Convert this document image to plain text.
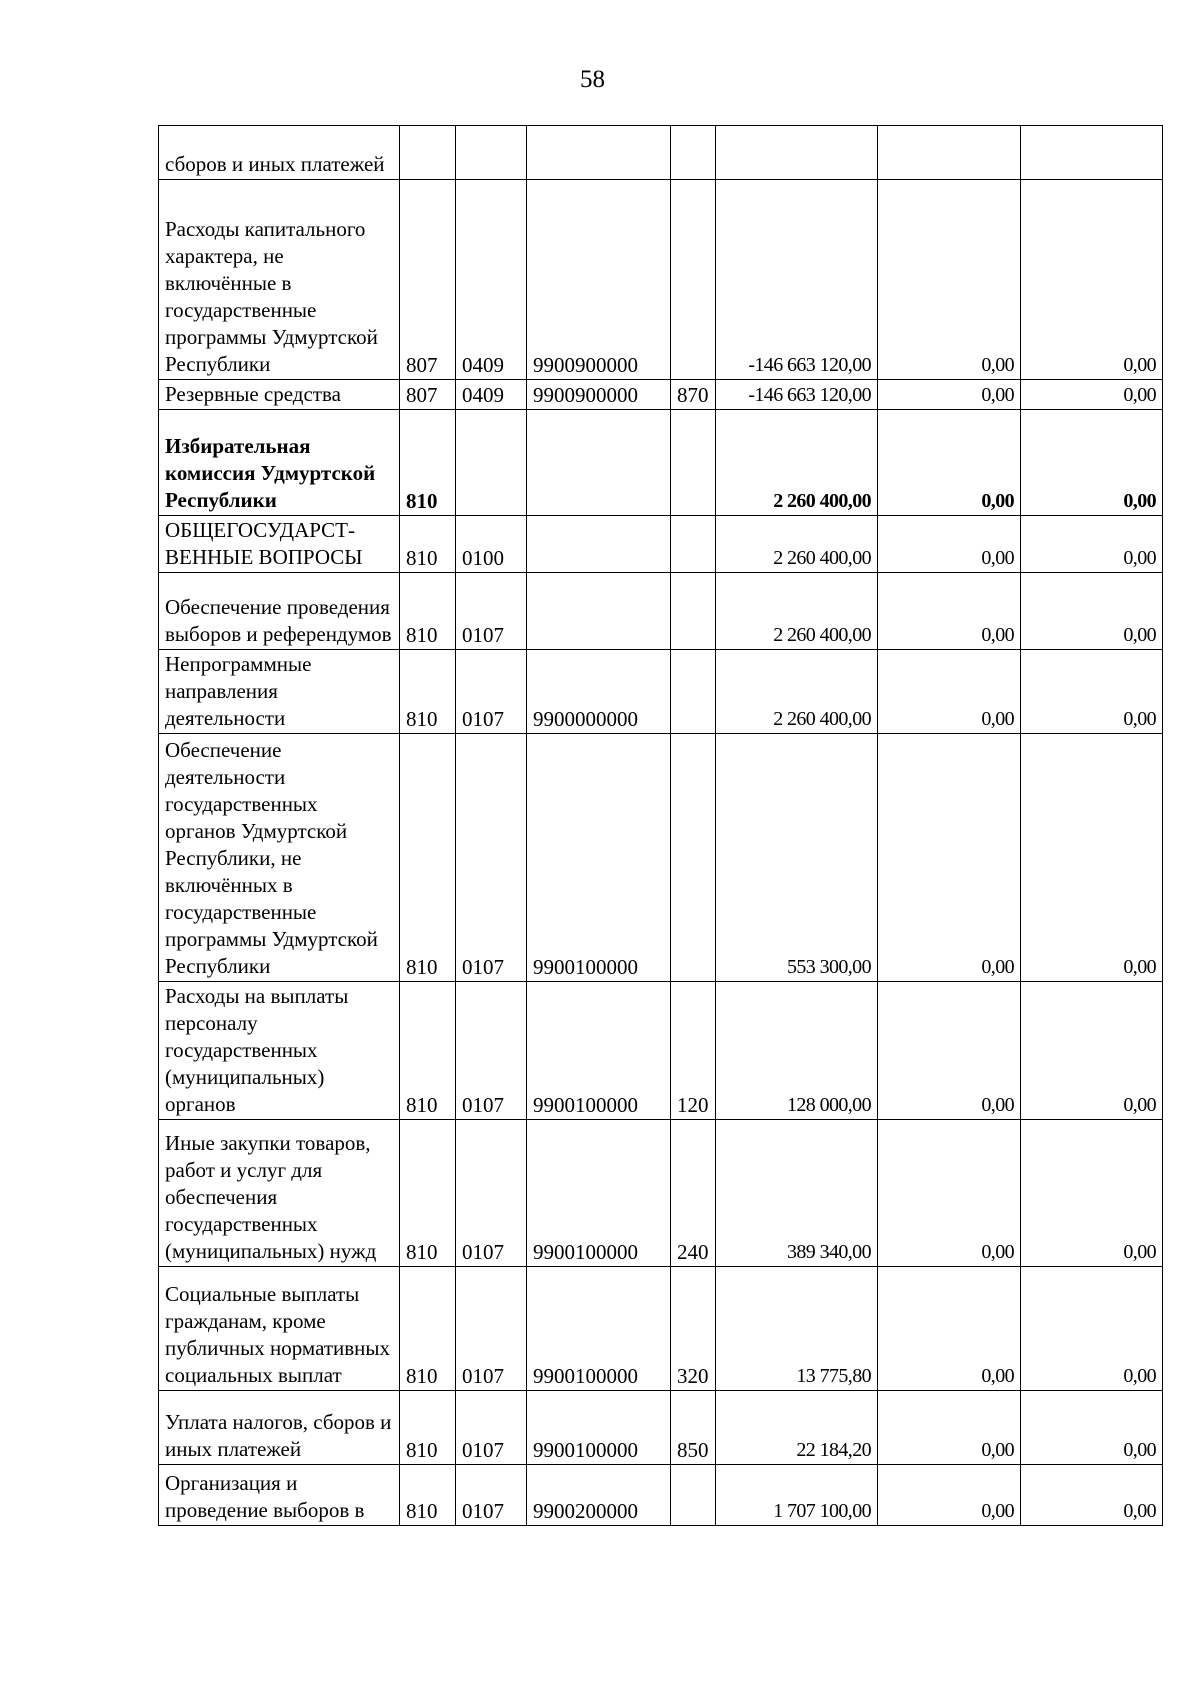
58
сборов и иных платежей							
Расходы капитального характера, не включённые в государственные программы Удмуртской Республики	807	0409	9900900000		-146 663 120,00	0,00	0,00
Резервные средства	807	0409	9900900000	870	-146 663 120,00	0,00	0,00
Избирательная комиссия Удмуртской Республики	810				2 260 400,00	0,00	0,00
ОБЩЕГОСУДАРСТ-ВЕННЫЕ ВОПРОСЫ	810	0100			2 260 400,00	0,00	0,00
Обеспечение проведения выборов и референдумов	810	0107			2 260 400,00	0,00	0,00
Непрограммные направления деятельности	810	0107	9900000000		2 260 400,00	0,00	0,00
Обеспечение деятельности государственных органов Удмуртской Республики, не включённых в государственные программы Удмуртской Республики	810	0107	9900100000		553 300,00	0,00	0,00
Расходы на выплаты персоналу государственных (муниципальных) органов	810	0107	9900100000	120	128 000,00	0,00	0,00
Иные закупки товаров, работ и услуг для обеспечения государственных (муниципальных) нужд	810	0107	9900100000	240	389 340,00	0,00	0,00
Социальные выплаты гражданам, кроме публичных нормативных социальных выплат	810	0107	9900100000	320	13 775,80	0,00	0,00
Уплата налогов, сборов и иных платежей	810	0107	9900100000	850	22 184,20	0,00	0,00
Организация и проведение выборов в	810	0107	9900200000		1 707 100,00	0,00	0,00
